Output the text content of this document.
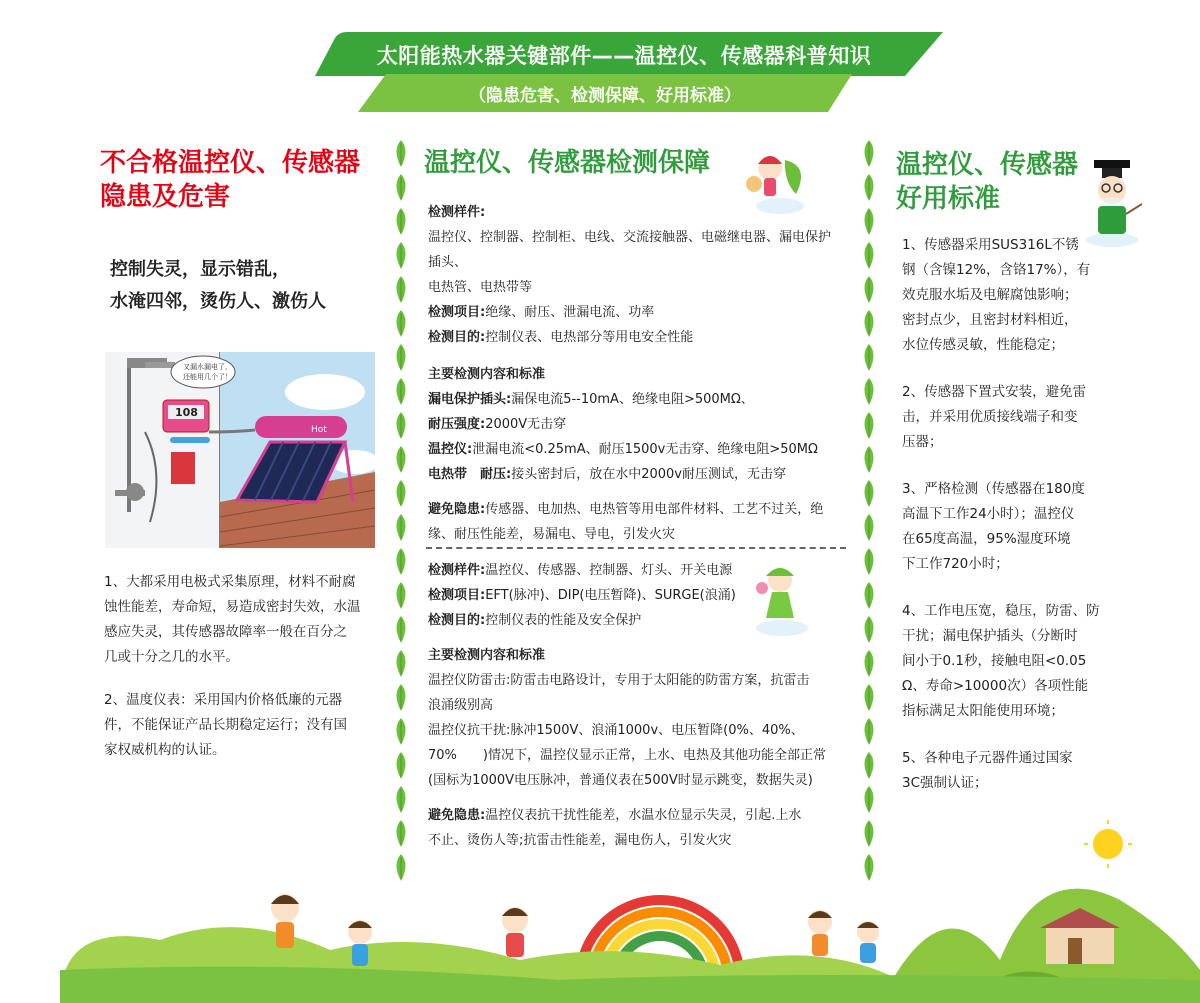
太阳能热水器关键部件——温控仪、传感器科普知识
（隐患危害、检测保障、好用标准）
不合格温控仪、传感器
隐患及危害
控制失灵，显示错乱，
水淹四邻，烫伤人、激伤人
又漏水漏电了，
还能用几个了！
108
Hot
1、大都采用电极式采集原理，材料不耐腐
蚀性能差，寿命短，易造成密封失效，水温
感应失灵，其传感器故障率一般在百分之
几或十分之几的水平。
2、温度仪表：采用国内价格低廉的元器
件，不能保证产品长期稳定运行；没有国
家权威机构的认证。
温控仪、传感器检测保障
检测样件:
温控仪、控制器、控制柜、电线、交流接触器、电磁继电器、漏电保护
插头、
电热管、电热带等
检测项目:绝缘、耐压、泄漏电流、功率
检测目的:控制仪表、电热部分等用电安全性能
主要检测内容和标准
漏电保护插头:漏保电流5--10mA、绝缘电阻>500MΩ、
耐压强度:2000V无击穿
温控仪:泄漏电流<0.25mA、耐压1500v无击穿、绝缘电阻>50MΩ
电热带　耐压:接头密封后，放在水中2000v耐压测试，无击穿
避免隐患:传感器、电加热、电热管等用电部件材料、工艺不过关，绝
缘、耐压性能差，易漏电、导电，引发火灾
检测样件:温控仪、传感器、控制器、灯头、开关电源
检测项目:EFT(脉冲)、DIP(电压暂降)、SURGE(浪涌)
检测目的:控制仪表的性能及安全保护
主要检测内容和标准
温控仪防雷击:防雷击电路设计，专用于太阳能的防雷方案，抗雷击
浪涌级别高
温控仪抗干扰:脉冲1500V、浪涌1000v、电压暂降(0%、40%、
70%　　)情况下，温控仪显示正常，上水、电热及其他功能全部正常
(国标为1000V电压脉冲，普通仪表在500V时显示跳变，数据失灵)
避免隐患:温控仪表抗干扰性能差，水温水位显示失灵，引起.上水
不止、烫伤人等;抗雷击性能差，漏电伤人，引发火灾
温控仪、传感器
好用标准
1、传感器采用SUS316L不锈
钢（含镍12%，含铬17%），有
效克服水垢及电解腐蚀影响；
密封点少，且密封材料相近，
水位传感灵敏，性能稳定；
2、传感器下置式安装，避免雷
击，并采用优质接线端子和变
压器；
3、严格检测（传感器在180度
高温下工作24小时）；温控仪
在65度高温，95%湿度环境
下工作720小时；
4、工作电压宽，稳压，防雷、防
干扰；漏电保护插头（分断时
间小于0.1秒，接触电阻<0.05
Ω、寿命>10000次）各项性能
指标满足太阳能使用环境；
5、各种电子元器件通过国家
3C强制认证；
